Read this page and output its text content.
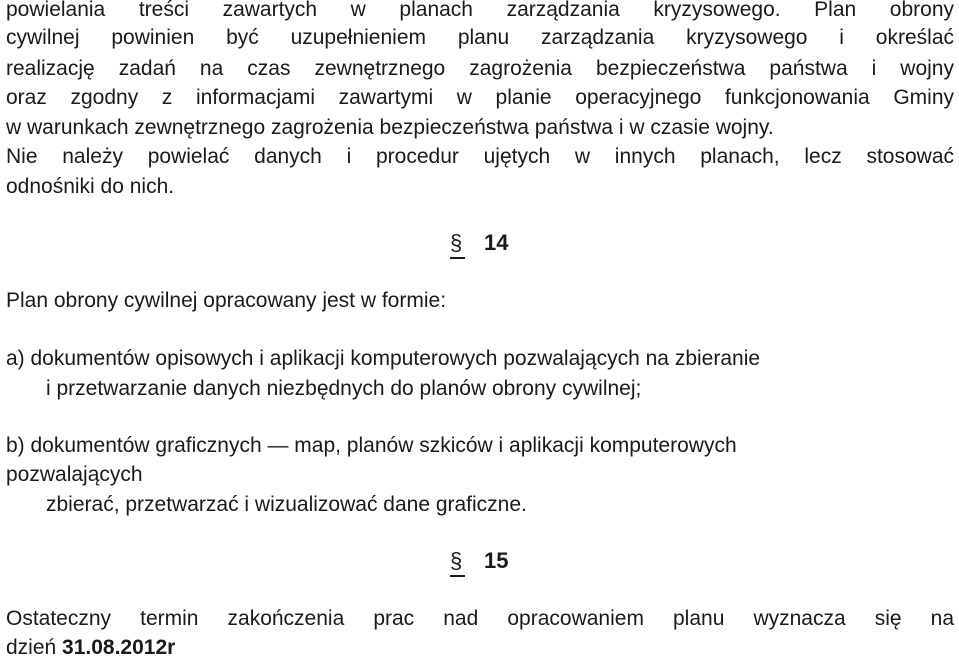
powielania treści zawartych w planach zarządzania kryzysowego. Plan obrony
cywilnej powinien być uzupełnieniem planu zarządzania kryzysowego i określać
realizację zadań na czas zewnętrznego zagrożenia bezpieczeństwa państwa i wojny
oraz zgodny z informacjami zawartymi w planie operacyjnego funkcjonowania Gminy
w warunkach zewnętrznego zagrożenia bezpieczeństwa państwa i w czasie wojny.
Nie należy powielać danych i procedur ujętych w innych planach, lecz stosować
odnośniki do nich.
§ 14
Plan obrony cywilnej opracowany jest w formie:
a) dokumentów opisowych i aplikacji komputerowych pozwalających na zbieranie
i przetwarzanie danych niezbędnych do planów obrony cywilnej;
b) dokumentów graficznych — map, planów szkiców i aplikacji komputerowych
pozwalających
zbierać, przetwarzać i wizualizować dane graficzne.
§ 15
Ostateczny termin zakończenia prac nad opracowaniem planu wyznacza się na
dzień 31.08.2012r
